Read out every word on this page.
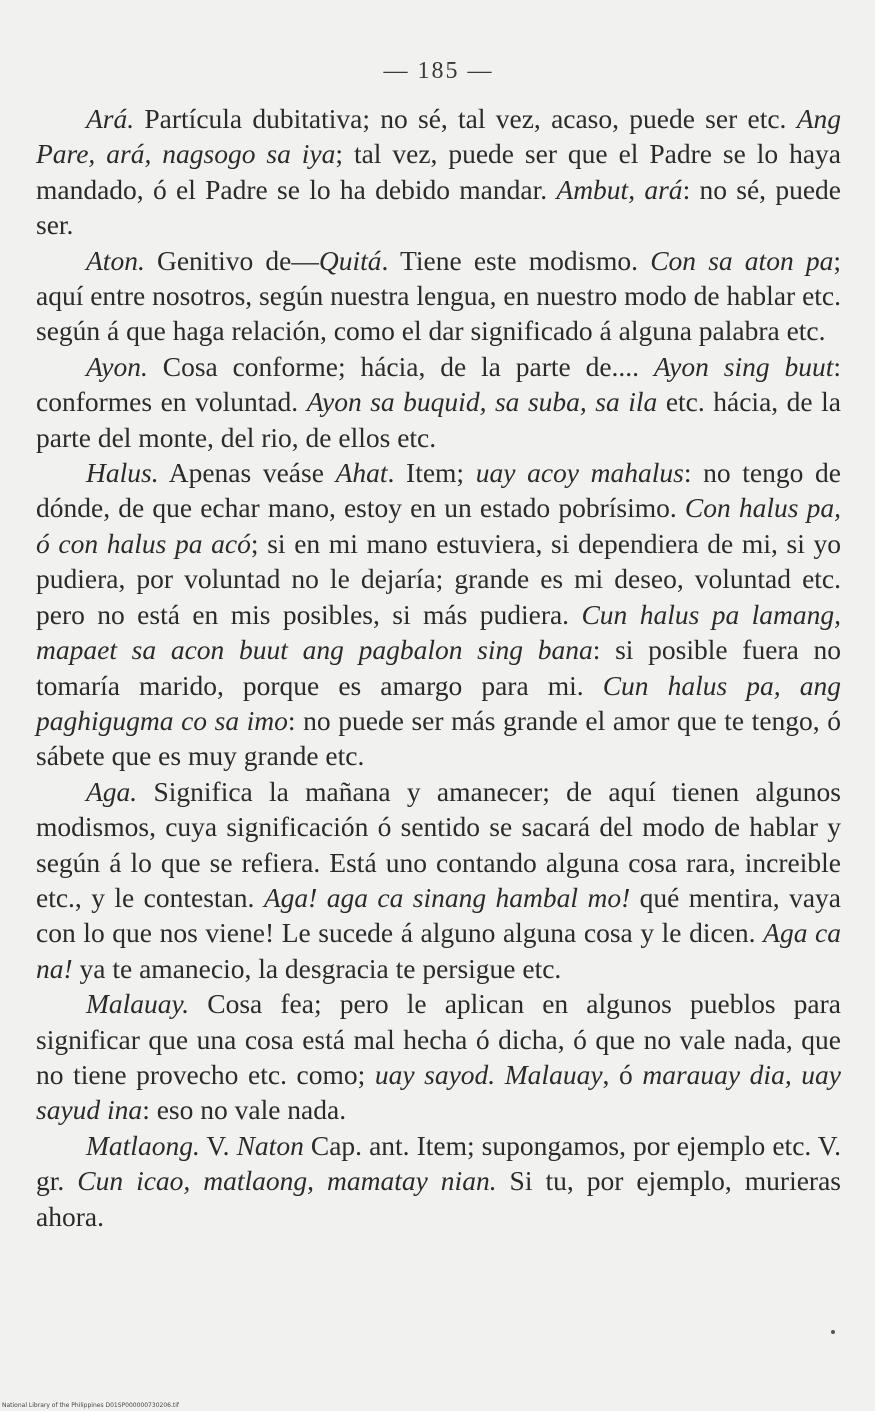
— 185 —

Ará. Partícula dubitativa; no sé, tal vez, acaso, puede ser etc. Ang Pare, ará, nagsogo sa iya; tal vez, puede ser que el Padre se lo haya mandado, ó el Padre se lo ha debido mandar. Ambut, ará: no sé, puede ser.

Aton. Genitivo de—Quitá. Tiene este modismo. Con sa aton pa; aquí entre nosotros, según nuestra lengua, en nuestro modo de hablar etc. según á que haga relación, como el dar significado á alguna palabra etc.

Ayon. Cosa conforme; hácia, de la parte de.... Ayon sing buut: conformes en voluntad. Ayon sa buquid, sa suba, sa ila etc. hácia, de la parte del monte, del rio, de ellos etc.

Halus. Apenas veáse Ahat. Item; uay acoy mahalus: no tengo de dónde, de que echar mano, estoy en un estado pobrísimo. Con halus pa, ó con halus pa acó; si en mi mano estuviera, si dependiera de mi, si yo pudiera, por voluntad no le dejaría; grande es mi deseo, voluntad etc. pero no está en mis posibles, si más pudiera. Cun halus pa lamang, mapaet sa acon buut ang pagbalon sing bana: si posible fuera no tomaría marido, porque es amargo para mi. Cun halus pa, ang paghigugma co sa imo: no puede ser más grande el amor que te tengo, ó sábete que es muy grande etc.

Aga. Significa la mañana y amanecer; de aquí tienen algunos modismos, cuya significación ó sentido se sacará del modo de hablar y según á lo que se refiera. Está uno contando alguna cosa rara, increible etc., y le contestan. Aga! aga ca sinang hambal mo! qué mentira, vaya con lo que nos viene! Le sucede á alguno alguna cosa y le dicen. Aga ca na! ya te amanecio, la desgracia te persigue etc.

Malauay. Cosa fea; pero le aplican en algunos pueblos para significar que una cosa está mal hecha ó dicha, ó que no vale nada, que no tiene provecho etc. como; uay sayod. Malauay, ó marauay dia, uay sayud ina: eso no vale nada.

Matlaong. V. Naton Cap. ant. Item; supongamos, por ejemplo etc. V. gr. Cun icao, matlaong, mamatay nian. Si tu, por ejemplo, murieras ahora.

National Library of the Philippines D01SP000000730206.tif
